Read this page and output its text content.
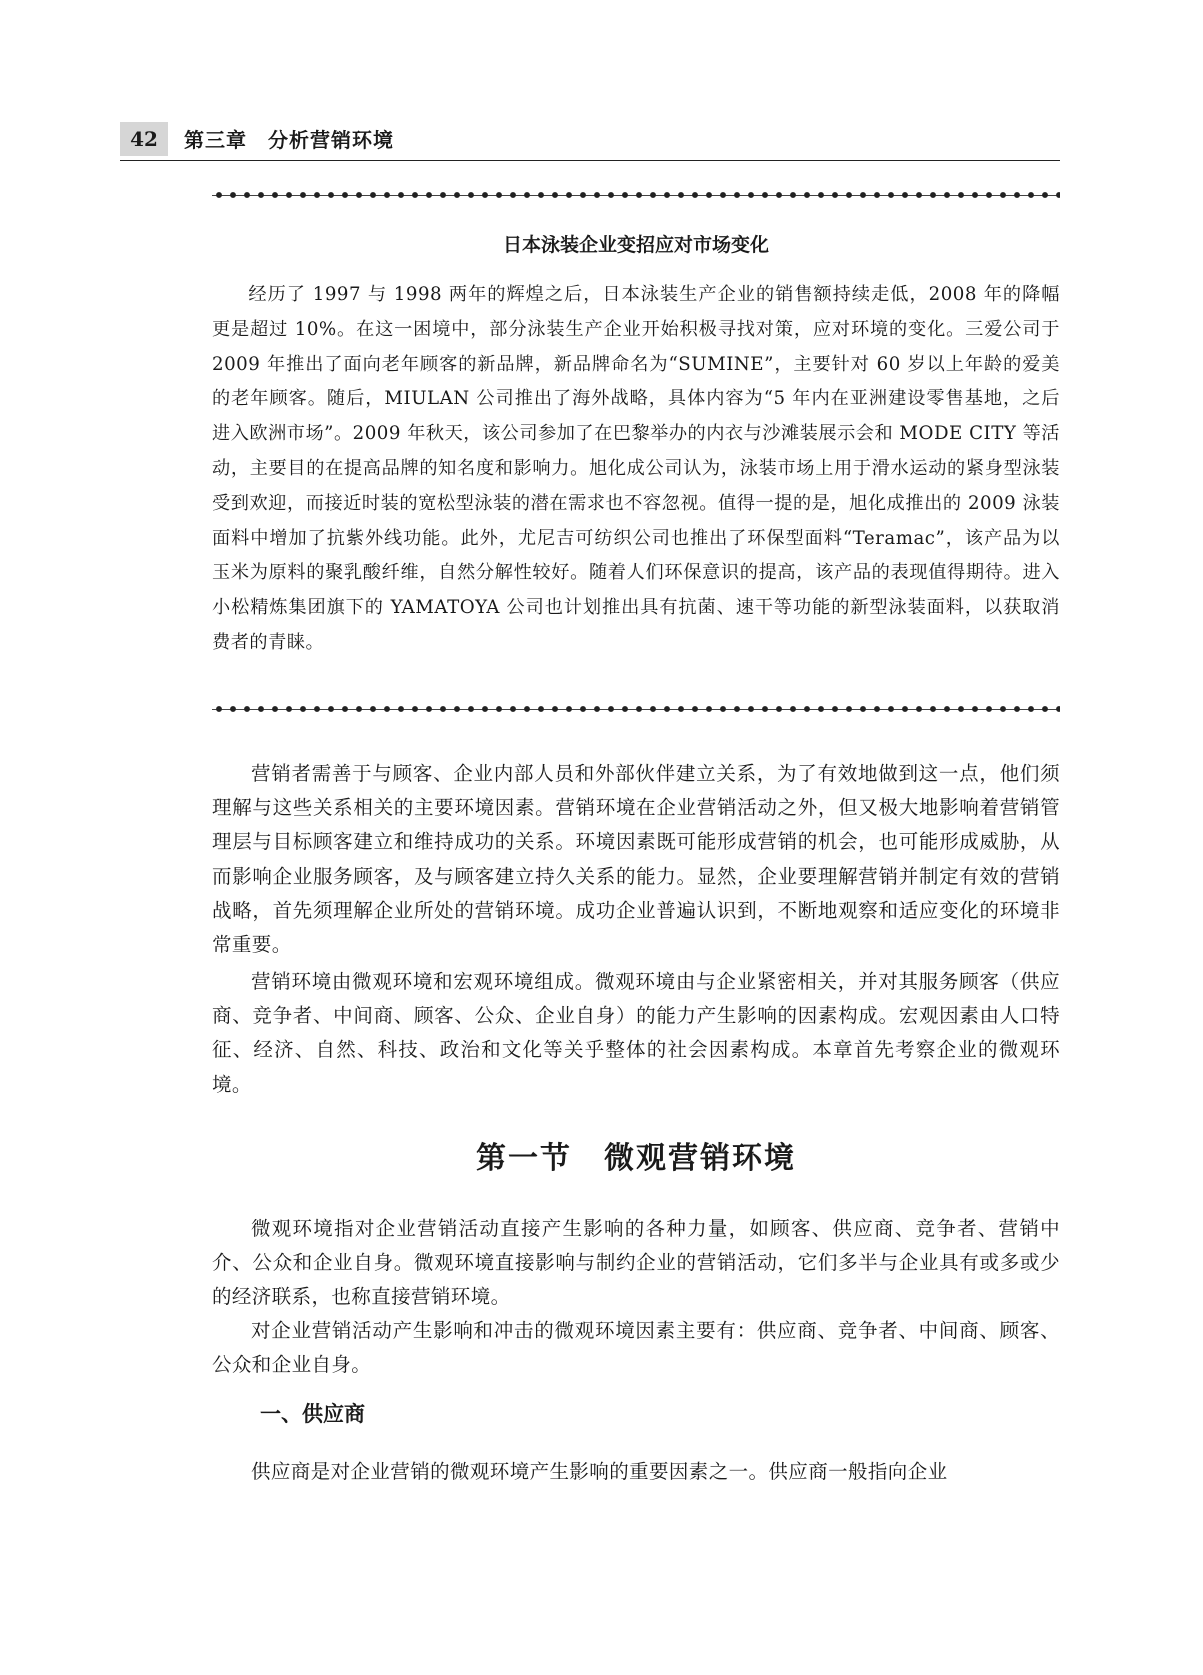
42	第三章　分析营销环境
日本泳装企业变招应对市场变化

经历了 1997 与 1998 两年的辉煌之后，日本泳装生产企业的销售额持续走低，2008 年的降幅更是超过 10%。在这一困境中，部分泳装生产企业开始积极寻找对策，应对环境的变化。三爱公司于 2009 年推出了面向老年顾客的新品牌，新品牌命名为“SUMINE”，主要针对 60 岁以上年龄的爱美的老年顾客。随后，MIULAN 公司推出了海外战略，具体内容为“5 年内在亚洲建设零售基地，之后进入欧洲市场”。2009 年秋天，该公司参加了在巴黎举办的内衣与沙滩装展示会和 MODE CITY 等活动，主要目的在提高品牌的知名度和影响力。旭化成公司认为，泳装市场上用于滑水运动的紧身型泳装受到欢迎，而接近时装的宽松型泳装的潜在需求也不容忽视。值得一提的是，旭化成推出的 2009 泳装面料中增加了抗紫外线功能。此外，尤尼吉可纺织公司也推出了环保型面料“Teramac”，该产品为以玉米为原料的聚乳酸纤维，自然分解性较好。随着人们环保意识的提高，该产品的表现值得期待。进入小松精炼集团旗下的 YAMATOYA 公司也计划推出具有抗菌、速干等功能的新型泳装面料，以获取消费者的青睐。

营销者需善于与顾客、企业内部人员和外部伙伴建立关系，为了有效地做到这一点，他们须理解与这些关系相关的主要环境因素。营销环境在企业营销活动之外，但又极大地影响着营销管理层与目标顾客建立和维持成功的关系。环境因素既可能形成营销的机会，也可能形成威胁，从而影响企业服务顾客，及与顾客建立持久关系的能力。显然，企业要理解营销并制定有效的营销战略，首先须理解企业所处的营销环境。成功企业普遍认识到，不断地观察和适应变化的环境非常重要。

营销环境由微观环境和宏观环境组成。微观环境由与企业紧密相关，并对其服务顾客（供应商、竞争者、中间商、顾客、公众、企业自身）的能力产生影响的因素构成。宏观因素由人口特征、经济、自然、科技、政治和文化等关乎整体的社会因素构成。本章首先考察企业的微观环境。

第一节　微观营销环境

微观环境指对企业营销活动直接产生影响的各种力量，如顾客、供应商、竞争者、营销中介、公众和企业自身。微观环境直接影响与制约企业的营销活动，它们多半与企业具有或多或少的经济联系，也称直接营销环境。

对企业营销活动产生影响和冲击的微观环境因素主要有：供应商、竞争者、中间商、顾客、公众和企业自身。

一、供应商

供应商是对企业营销的微观环境产生影响的重要因素之一。供应商一般指向企业
